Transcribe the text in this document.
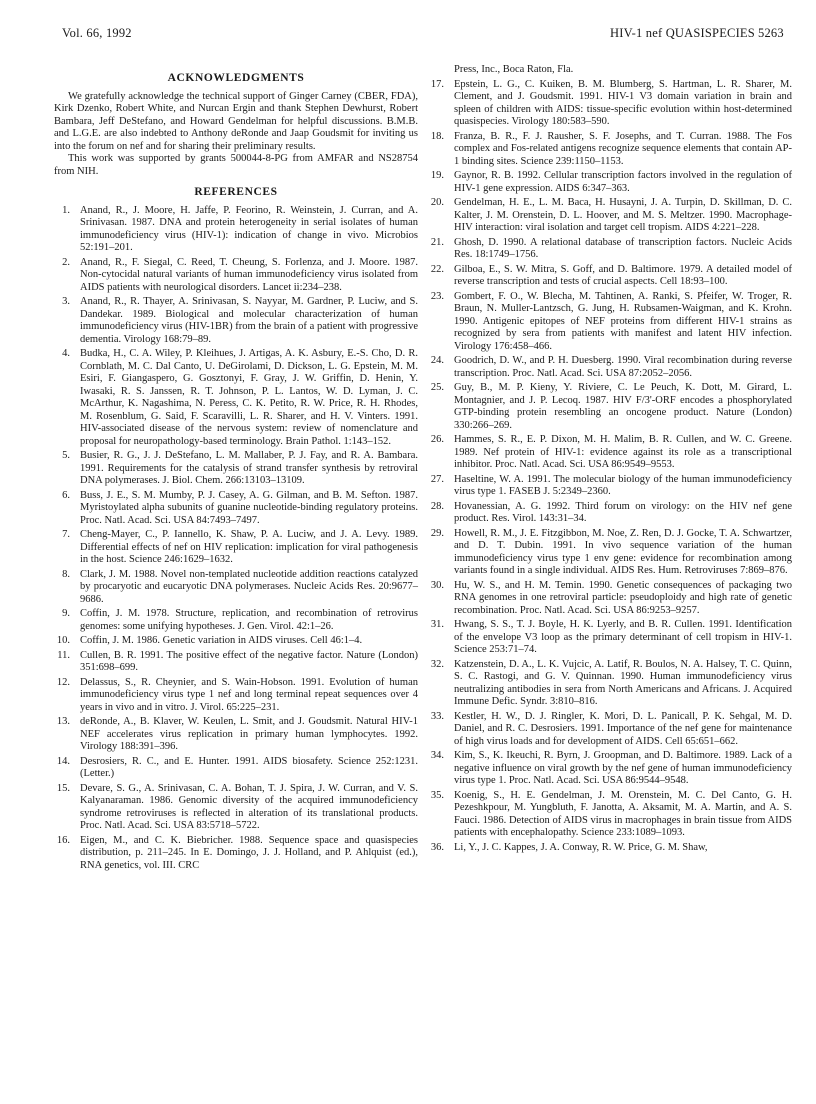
Vol. 66, 1992	HIV-1 nef QUASISPECIES 5263
ACKNOWLEDGMENTS

We gratefully acknowledge the technical support of Ginger Carney (CBER, FDA), Kirk Dzenko, Robert White, and Nurcan Ergin and thank Stephen Dewhurst, Robert Bambara, Jeff DeStefano, and Howard Gendelman for helpful discussions. B.M.B. and L.G.E. are also indebted to Anthony deRonde and Jaap Goudsmit for inviting us into the forum on nef and for sharing their preliminary results.

This work was supported by grants 500044-8-PG from AMFAR and NS28754 from NIH.

REFERENCES
1. Anand, R., J. Moore, H. Jaffe, P. Feorino, R. Weinstein, J. Curran, and A. Srinivasan. 1987. DNA and protein heterogeneity in serial isolates of human immunodeficiency virus (HIV-1): indication of change in vivo. Microbios 52:191–201.
2. Anand, R., F. Siegal, C. Reed, T. Cheung, S. Forlenza, and J. Moore. 1987. Non-cytocidal natural variants of human immunodeficiency virus isolated from AIDS patients with neurological disorders. Lancet ii:234–238.
3. Anand, R., R. Thayer, A. Srinivasan, S. Nayyar, M. Gardner, P. Luciw, and S. Dandekar. 1989. Biological and molecular characterization of human immunodeficiency virus (HIV-1BR) from the brain of a patient with progressive dementia. Virology 168:79–89.
4. Budka, H., C. A. Wiley, P. Kleihues, J. Artigas, A. K. Asbury, E.-S. Cho, D. R. Cornblath, M. C. Dal Canto, U. DeGirolami, D. Dickson, L. G. Epstein, M. M. Esiri, F. Giangaspero, G. Gosztonyi, F. Gray, J. W. Griffin, D. Henin, Y. Iwasaki, R. S. Janssen, R. T. Johnson, P. L. Lantos, W. D. Lyman, J. C. McArthur, K. Nagashima, N. Peress, C. K. Petito, R. W. Price, R. H. Rhodes, M. Rosenblum, G. Said, F. Scaravilli, L. R. Sharer, and H. V. Vinters. 1991. HIV-associated disease of the nervous system: review of nomenclature and proposal for neuropathology-based terminology. Brain Pathol. 1:143–152.
5. Busier, R. G., J. J. DeStefano, L. M. Mallaber, P. J. Fay, and R. A. Bambara. 1991. Requirements for the catalysis of strand transfer synthesis by retroviral DNA polymerases. J. Biol. Chem. 266:13103–13109.
6. Buss, J. E., S. M. Mumby, P. J. Casey, A. G. Gilman, and B. M. Sefton. 1987. Myristoylated alpha subunits of guanine nucleotide-binding regulatory proteins. Proc. Natl. Acad. Sci. USA 84:7493–7497.
7. Cheng-Mayer, C., P. Iannello, K. Shaw, P. A. Luciw, and J. A. Levy. 1989. Differential effects of nef on HIV replication: implication for viral pathogenesis in the host. Science 246:1629–1632.
8. Clark, J. M. 1988. Novel non-templated nucleotide addition reactions catalyzed by procaryotic and eucaryotic DNA polymerases. Nucleic Acids Res. 20:9677–9686.
9. Coffin, J. M. 1978. Structure, replication, and recombination of retrovirus genomes: some unifying hypotheses. J. Gen. Virol. 42:1–26.
10. Coffin, J. M. 1986. Genetic variation in AIDS viruses. Cell 46:1–4.
11. Cullen, B. R. 1991. The positive effect of the negative factor. Nature (London) 351:698–699.
12. Delassus, S., R. Cheynier, and S. Wain-Hobson. 1991. Evolution of human immunodeficiency virus type 1 nef and long terminal repeat sequences over 4 years in vivo and in vitro. J. Virol. 65:225–231.
13. deRonde, A., B. Klaver, W. Keulen, L. Smit, and J. Goudsmit. Natural HIV-1 NEF accelerates virus replication in primary human lymphocytes. 1992. Virology 188:391–396.
14. Desrosiers, R. C., and E. Hunter. 1991. AIDS biosafety. Science 252:1231. (Letter.)
15. Devare, S. G., A. Srinivasan, C. A. Bohan, T. J. Spira, J. W. Curran, and V. S. Kalyanaraman. 1986. Genomic diversity of the acquired immunodeficiency syndrome retroviruses is reflected in alteration of its translational products. Proc. Natl. Acad. Sci. USA 83:5718–5722.
16. Eigen, M., and C. K. Biebricher. 1988. Sequence space and quasispecies distribution, p. 211–245. In E. Domingo, J. J. Holland, and P. Ahlquist (ed.), RNA genetics, vol. III. CRC
Press, Inc., Boca Raton, Fla.
17. Epstein, L. G., C. Kuiken, B. M. Blumberg, S. Hartman, L. R. Sharer, M. Clement, and J. Goudsmit. 1991. HIV-1 V3 domain variation in brain and spleen of children with AIDS: tissue-specific evolution within host-determined quasispecies. Virology 180:583–590.
18. Franza, B. R., F. J. Rausher, S. F. Josephs, and T. Curran. 1988. The Fos complex and Fos-related antigens recognize sequence elements that contain AP-1 binding sites. Science 239:1150–1153.
19. Gaynor, R. B. 1992. Cellular transcription factors involved in the regulation of HIV-1 gene expression. AIDS 6:347–363.
20. Gendelman, H. E., L. M. Baca, H. Husayni, J. A. Turpin, D. Skillman, D. C. Kalter, J. M. Orenstein, D. L. Hoover, and M. S. Meltzer. 1990. Macrophage-HIV interaction: viral isolation and target cell tropism. AIDS 4:221–228.
21. Ghosh, D. 1990. A relational database of transcription factors. Nucleic Acids Res. 18:1749–1756.
22. Gilboa, E., S. W. Mitra, S. Goff, and D. Baltimore. 1979. A detailed model of reverse transcription and tests of crucial aspects. Cell 18:93–100.
23. Gombert, F. O., W. Blecha, M. Tahtinen, A. Ranki, S. Pfeifer, W. Troger, R. Braun, N. Muller-Lantzsch, G. Jung, H. Rubsamen-Waigman, and K. Krohn. 1990. Antigenic epitopes of NEF proteins from different HIV-1 strains as recognized by sera from patients with manifest and latent HIV infection. Virology 176:458–466.
24. Goodrich, D. W., and P. H. Duesberg. 1990. Viral recombination during reverse transcription. Proc. Natl. Acad. Sci. USA 87:2052–2056.
25. Guy, B., M. P. Kieny, Y. Riviere, C. Le Peuch, K. Dott, M. Girard, L. Montagnier, and J. P. Lecoq. 1987. HIV F/3'-ORF encodes a phosphorylated GTP-binding protein resembling an oncogene product. Nature (London) 330:266–269.
26. Hammes, S. R., E. P. Dixon, M. H. Malim, B. R. Cullen, and W. C. Greene. 1989. Nef protein of HIV-1: evidence against its role as a transcriptional inhibitor. Proc. Natl. Acad. Sci. USA 86:9549–9553.
27. Haseltine, W. A. 1991. The molecular biology of the human immunodeficiency virus type 1. FASEB J. 5:2349–2360.
28. Hovanessian, A. G. 1992. Third forum on virology: on the HIV nef gene product. Res. Virol. 143:31–34.
29. Howell, R. M., J. E. Fitzgibbon, M. Noe, Z. Ren, D. J. Gocke, T. A. Schwartzer, and D. T. Dubin. 1991. In vivo sequence variation of the human immunodeficiency virus type 1 env gene: evidence for recombination among variants found in a single individual. AIDS Res. Hum. Retroviruses 7:869–876.
30. Hu, W. S., and H. M. Temin. 1990. Genetic consequences of packaging two RNA genomes in one retroviral particle: pseudoploidy and high rate of genetic recombination. Proc. Natl. Acad. Sci. USA 86:9253–9257.
31. Hwang, S. S., T. J. Boyle, H. K. Lyerly, and B. R. Cullen. 1991. Identification of the envelope V3 loop as the primary determinant of cell tropism in HIV-1. Science 253:71–74.
32. Katzenstein, D. A., L. K. Vujcic, A. Latif, R. Boulos, N. A. Halsey, T. C. Quinn, S. C. Rastogi, and G. V. Quinnan. 1990. Human immunodeficiency virus neutralizing antibodies in sera from North Americans and Africans. J. Acquired Immune Defic. Syndr. 3:810–816.
33. Kestler, H. W., D. J. Ringler, K. Mori, D. L. Panicall, P. K. Sehgal, M. D. Daniel, and R. C. Desrosiers. 1991. Importance of the nef gene for maintenance of high virus loads and for development of AIDS. Cell 65:651–662.
34. Kim, S., K. Ikeuchi, R. Byrn, J. Groopman, and D. Baltimore. 1989. Lack of a negative influence on viral growth by the nef gene of human immunodeficiency virus type 1. Proc. Natl. Acad. Sci. USA 86:9544–9548.
35. Koenig, S., H. E. Gendelman, J. M. Orenstein, M. C. Del Canto, G. H. Pezeshkpour, M. Yungbluth, F. Janotta, A. Aksamit, M. A. Martin, and A. S. Fauci. 1986. Detection of AIDS virus in macrophages in brain tissue from AIDS patients with encephalopathy. Science 233:1089–1093.
36. Li, Y., J. C. Kappes, J. A. Conway, R. W. Price, G. M. Shaw,
